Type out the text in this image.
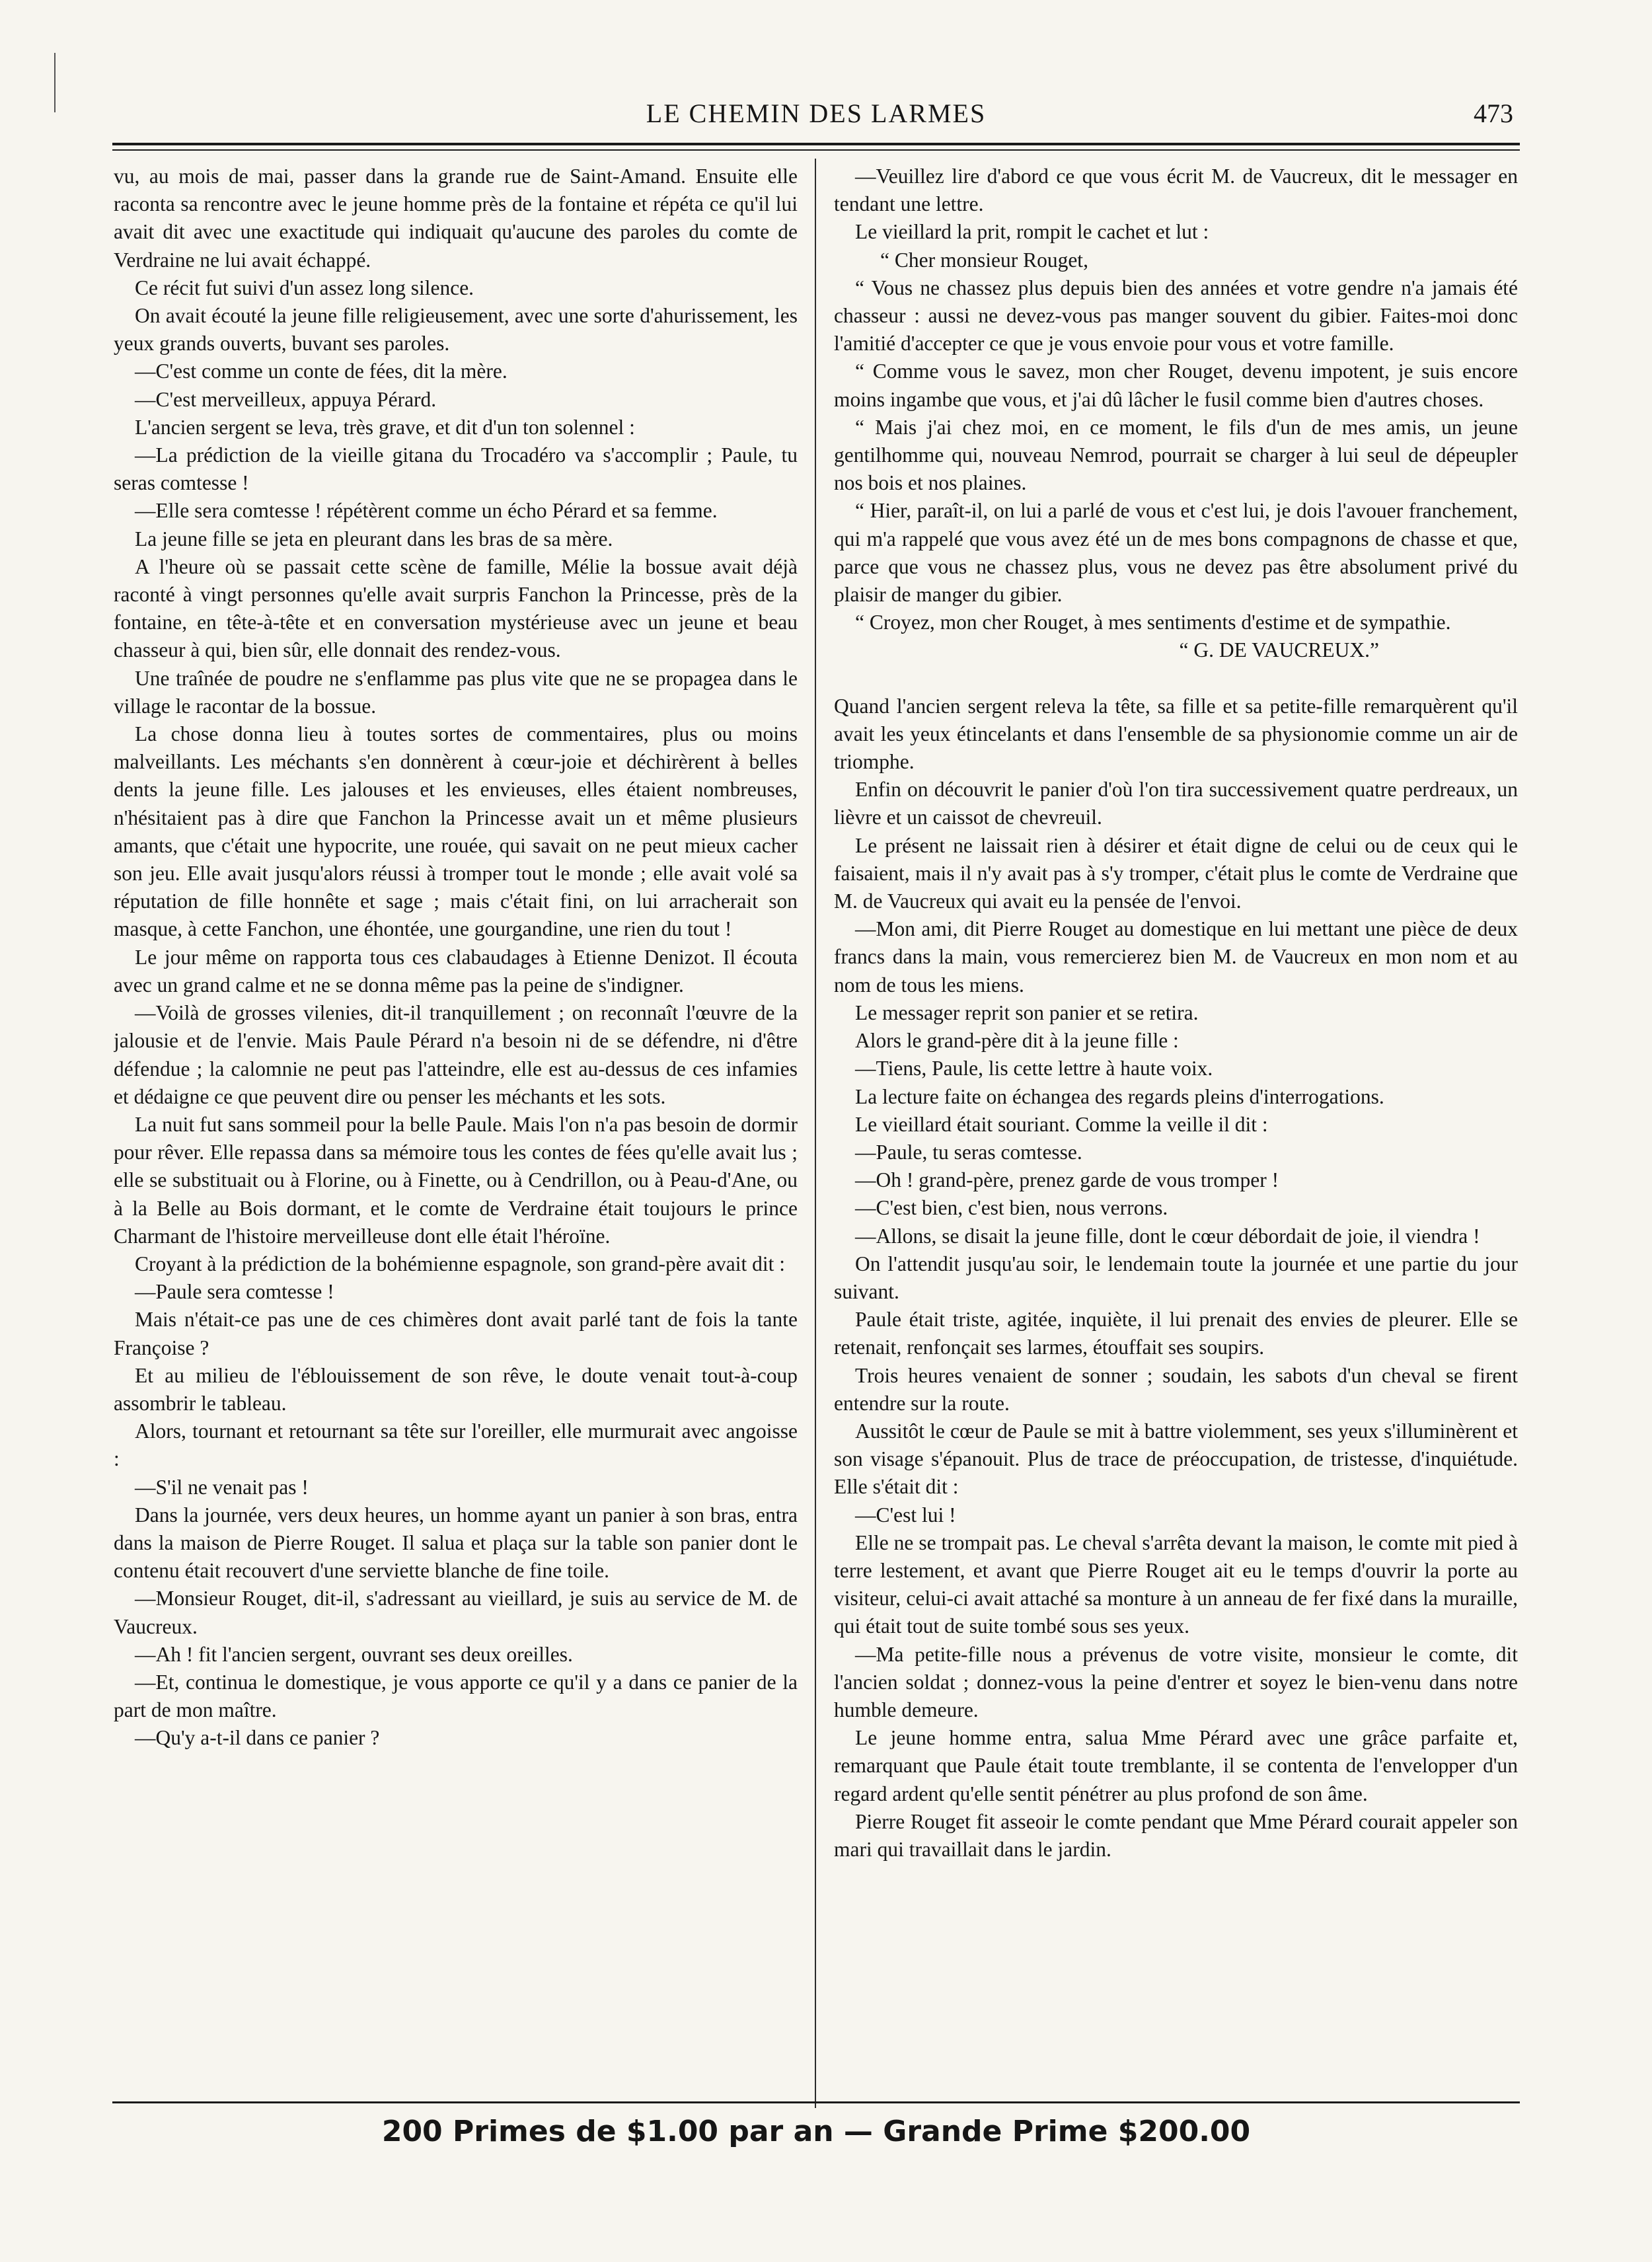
LE CHEMIN DES LARMES	473

vu, au mois de mai, passer dans la grande rue de Saint-Amand. Ensuite elle raconta sa rencontre avec le jeune homme près de la fontaine et répéta ce qu'il lui avait dit avec une exactitude qui indiquait qu'aucune des paroles du comte de Verdraine ne lui avait échappé.

Ce récit fut suivi d'un assez long silence.

On avait écouté la jeune fille religieusement, avec une sorte d'ahurissement, les yeux grands ouverts, buvant ses paroles.

—C'est comme un conte de fées, dit la mère.

—C'est merveilleux, appuya Pérard.

L'ancien sergent se leva, très grave, et dit d'un ton solennel :

—La prédiction de la vieille gitana du Trocadéro va s'accomplir ; Paule, tu seras comtesse !

—Elle sera comtesse ! répétèrent comme un écho Pérard et sa femme.

La jeune fille se jeta en pleurant dans les bras de sa mère.

A l'heure où se passait cette scène de famille, Mélie la bossue avait déjà raconté à vingt personnes qu'elle avait surpris Fanchon la Princesse, près de la fontaine, en tête-à-tête et en conversation mystérieuse avec un jeune et beau chasseur à qui, bien sûr, elle donnait des rendez-vous.

Une traînée de poudre ne s'enflamme pas plus vite que ne se propagea dans le village le racontar de la bossue.

La chose donna lieu à toutes sortes de commentaires, plus ou moins malveillants. Les méchants s'en donnèrent à cœur-joie et déchirèrent à belles dents la jeune fille. Les jalouses et les envieuses, elles étaient nombreuses, n'hésitaient pas à dire que Fanchon la Princesse avait un et même plusieurs amants, que c'était une hypocrite, une rouée, qui savait on ne peut mieux cacher son jeu. Elle avait jusqu'alors réussi à tromper tout le monde ; elle avait volé sa réputation de fille honnête et sage ; mais c'était fini, on lui arracherait son masque, à cette Fanchon, une éhontée, une gourgandine, une rien du tout !

Le jour même on rapporta tous ces clabaudages à Etienne Denizot. Il écouta avec un grand calme et ne se donna même pas la peine de s'indigner.

—Voilà de grosses vilenies, dit-il tranquillement ; on reconnaît l'œuvre de la jalousie et de l'envie. Mais Paule Pérard n'a besoin ni de se défendre, ni d'être défendue ; la calomnie ne peut pas l'atteindre, elle est au-dessus de ces infamies et dédaigne ce que peuvent dire ou penser les méchants et les sots.

La nuit fut sans sommeil pour la belle Paule. Mais l'on n'a pas besoin de dormir pour rêver. Elle repassa dans sa mémoire tous les contes de fées qu'elle avait lus ; elle se substituait ou à Florine, ou à Finette, ou à Cendrillon, ou à Peau-d'Ane, ou à la Belle au Bois dormant, et le comte de Verdraine était toujours le prince Charmant de l'histoire merveilleuse dont elle était l'héroïne.

Croyant à la prédiction de la bohémienne espagnole, son grand-père avait dit :

—Paule sera comtesse !

Mais n'était-ce pas une de ces chimères dont avait parlé tant de fois la tante Françoise ?

Et au milieu de l'éblouissement de son rêve, le doute venait tout-à-coup assombrir le tableau.

Alors, tournant et retournant sa tête sur l'oreiller, elle murmurait avec angoisse :

—S'il ne venait pas !

Dans la journée, vers deux heures, un homme ayant un panier à son bras, entra dans la maison de Pierre Rouget. Il salua et plaça sur la table son panier dont le contenu était recouvert d'une serviette blanche de fine toile.

—Monsieur Rouget, dit-il, s'adressant au vieillard, je suis au service de M. de Vaucreux.

—Ah ! fit l'ancien sergent, ouvrant ses deux oreilles.

—Et, continua le domestique, je vous apporte ce qu'il y a dans ce panier de la part de mon maître.

—Qu'y a-t-il dans ce panier ?

—Veuillez lire d'abord ce que vous écrit M. de Vaucreux, dit le messager en tendant une lettre.

Le vieillard la prit, rompit le cachet et lut :

“ Cher monsieur Rouget,

“ Vous ne chassez plus depuis bien des années et votre gendre n'a jamais été chasseur : aussi ne devez-vous pas manger souvent du gibier. Faites-moi donc l'amitié d'accepter ce que je vous envoie pour vous et votre famille.

“ Comme vous le savez, mon cher Rouget, devenu impotent, je suis encore moins ingambe que vous, et j'ai dû lâcher le fusil comme bien d'autres choses.

“ Mais j'ai chez moi, en ce moment, le fils d'un de mes amis, un jeune gentilhomme qui, nouveau Nemrod, pourrait se charger à lui seul de dépeupler nos bois et nos plaines.

“ Hier, paraît-il, on lui a parlé de vous et c'est lui, je dois l'avouer franchement, qui m'a rappelé que vous avez été un de mes bons compagnons de chasse et que, parce que vous ne chassez plus, vous ne devez pas être absolument privé du plaisir de manger du gibier.

“ Croyez, mon cher Rouget, à mes sentiments d'estime et de sympathie.

“ G. DE VAUCREUX.”

Quand l'ancien sergent releva la tête, sa fille et sa petite-fille remarquèrent qu'il avait les yeux étincelants et dans l'ensemble de sa physionomie comme un air de triomphe.

Enfin on découvrit le panier d'où l'on tira successivement quatre perdreaux, un lièvre et un caissot de chevreuil.

Le présent ne laissait rien à désirer et était digne de celui ou de ceux qui le faisaient, mais il n'y avait pas à s'y tromper, c'était plus le comte de Verdraine que M. de Vaucreux qui avait eu la pensée de l'envoi.

—Mon ami, dit Pierre Rouget au domestique en lui mettant une pièce de deux francs dans la main, vous remercierez bien M. de Vaucreux en mon nom et au nom de tous les miens.

Le messager reprit son panier et se retira.

Alors le grand-père dit à la jeune fille :

—Tiens, Paule, lis cette lettre à haute voix.

La lecture faite on échangea des regards pleins d'interrogations.

Le vieillard était souriant. Comme la veille il dit :

—Paule, tu seras comtesse.

—Oh ! grand-père, prenez garde de vous tromper !

—C'est bien, c'est bien, nous verrons.

—Allons, se disait la jeune fille, dont le cœur débordait de joie, il viendra !

On l'attendit jusqu'au soir, le lendemain toute la journée et une partie du jour suivant.

Paule était triste, agitée, inquiète, il lui prenait des envies de pleurer. Elle se retenait, renfonçait ses larmes, étouffait ses soupirs.

Trois heures venaient de sonner ; soudain, les sabots d'un cheval se firent entendre sur la route.

Aussitôt le cœur de Paule se mit à battre violemment, ses yeux s'illuminèrent et son visage s'épanouit. Plus de trace de préoccupation, de tristesse, d'inquiétude. Elle s'était dit :

—C'est lui !

Elle ne se trompait pas. Le cheval s'arrêta devant la maison, le comte mit pied à terre lestement, et avant que Pierre Rouget ait eu le temps d'ouvrir la porte au visiteur, celui-ci avait attaché sa monture à un anneau de fer fixé dans la muraille, qui était tout de suite tombé sous ses yeux.

—Ma petite-fille nous a prévenus de votre visite, monsieur le comte, dit l'ancien soldat ; donnez-vous la peine d'entrer et soyez le bien-venu dans notre humble demeure.

Le jeune homme entra, salua Mme Pérard avec une grâce parfaite et, remarquant que Paule était toute tremblante, il se contenta de l'envelopper d'un regard ardent qu'elle sentit pénétrer au plus profond de son âme.

Pierre Rouget fit asseoir le comte pendant que Mme Pérard courait appeler son mari qui travaillait dans le jardin.

200 Primes de $1.00 par an — Grande Prime $200.00
